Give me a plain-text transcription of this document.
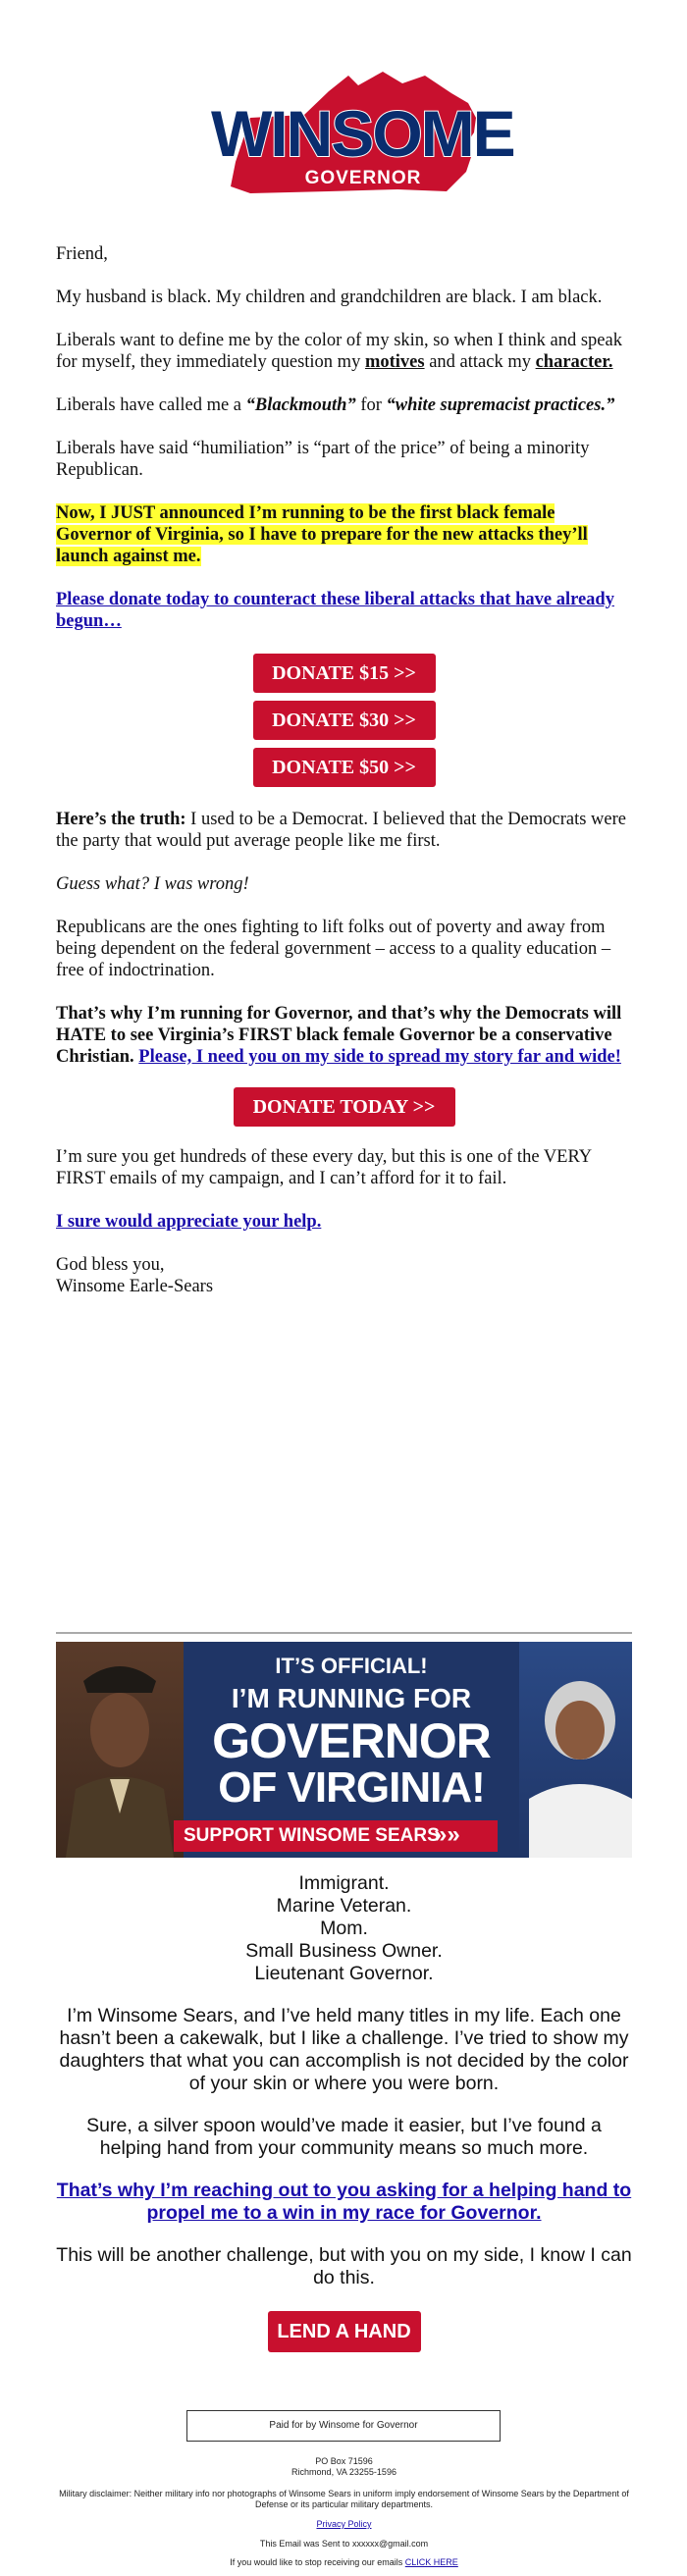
WINSOME
GOVERNOR

Friend,

My husband is black. My children and grandchildren are black. I am black.

Liberals want to define me by the color of my skin, so when I think and speak for myself, they immediately question my motives and attack my character.

Liberals have called me a “Blackmouth” for “white supremacist practices.”

Liberals have said “humiliation” is “part of the price” of being a minority Republican.

Now, I JUST announced I’m running to be the first black female Governor of Virginia, so I have to prepare for the new attacks they’ll launch against me.

Please donate today to counteract these liberal attacks that have already begun…

DONATE $15 >>
DONATE $30 >>
DONATE $50 >>

Here’s the truth: I used to be a Democrat. I believed that the Democrats were the party that would put average people like me first.

Guess what? I was wrong!

Republicans are the ones fighting to lift folks out of poverty and away from being dependent on the federal government – access to a quality education – free of indoctrination.

That’s why I’m running for Governor, and that’s why the Democrats will HATE to see Virginia’s FIRST black female Governor be a conservative Christian. Please, I need you on my side to spread my story far and wide!

DONATE TODAY >>

I’m sure you get hundreds of these every day, but this is one of the VERY FIRST emails of my campaign, and I can’t afford for it to fail.

I sure would appreciate your help.

God bless you,

Winsome Earle-Sears

IT’S OFFICIAL!
I’M RUNNING FOR
GOVERNOR
OF VIRGINIA!
SUPPORT WINSOME SEARS
»»
Immigrant.
Marine Veteran.
Mom.
Small Business Owner.
Lieutenant Governor.

I’m Winsome Sears, and I’ve held many titles in my life. Each one hasn’t been a cakewalk, but I like a challenge. I’ve tried to show my daughters that what you can accomplish is not decided by the color of your skin or where you were born.

Sure, a silver spoon would’ve made it easier, but I’ve found a helping hand from your community means so much more.

That’s why I’m reaching out to you asking for a helping hand to propel me to a win in my race for Governor.

This will be another challenge, but with you on my side, I know I can do this.

LEND A HAND
Paid for by Winsome for Governor
PO Box 71596
Richmond, VA 23255-1596
Military disclaimer: Neither military info nor photographs of Winsome Sears in uniform imply endorsement of Winsome Sears by the Department of Defense or its particular military departments.
Privacy Policy
This Email was Sent to xxxxxx@gmail.com
If you would like to stop receiving our emails CLICK HERE
